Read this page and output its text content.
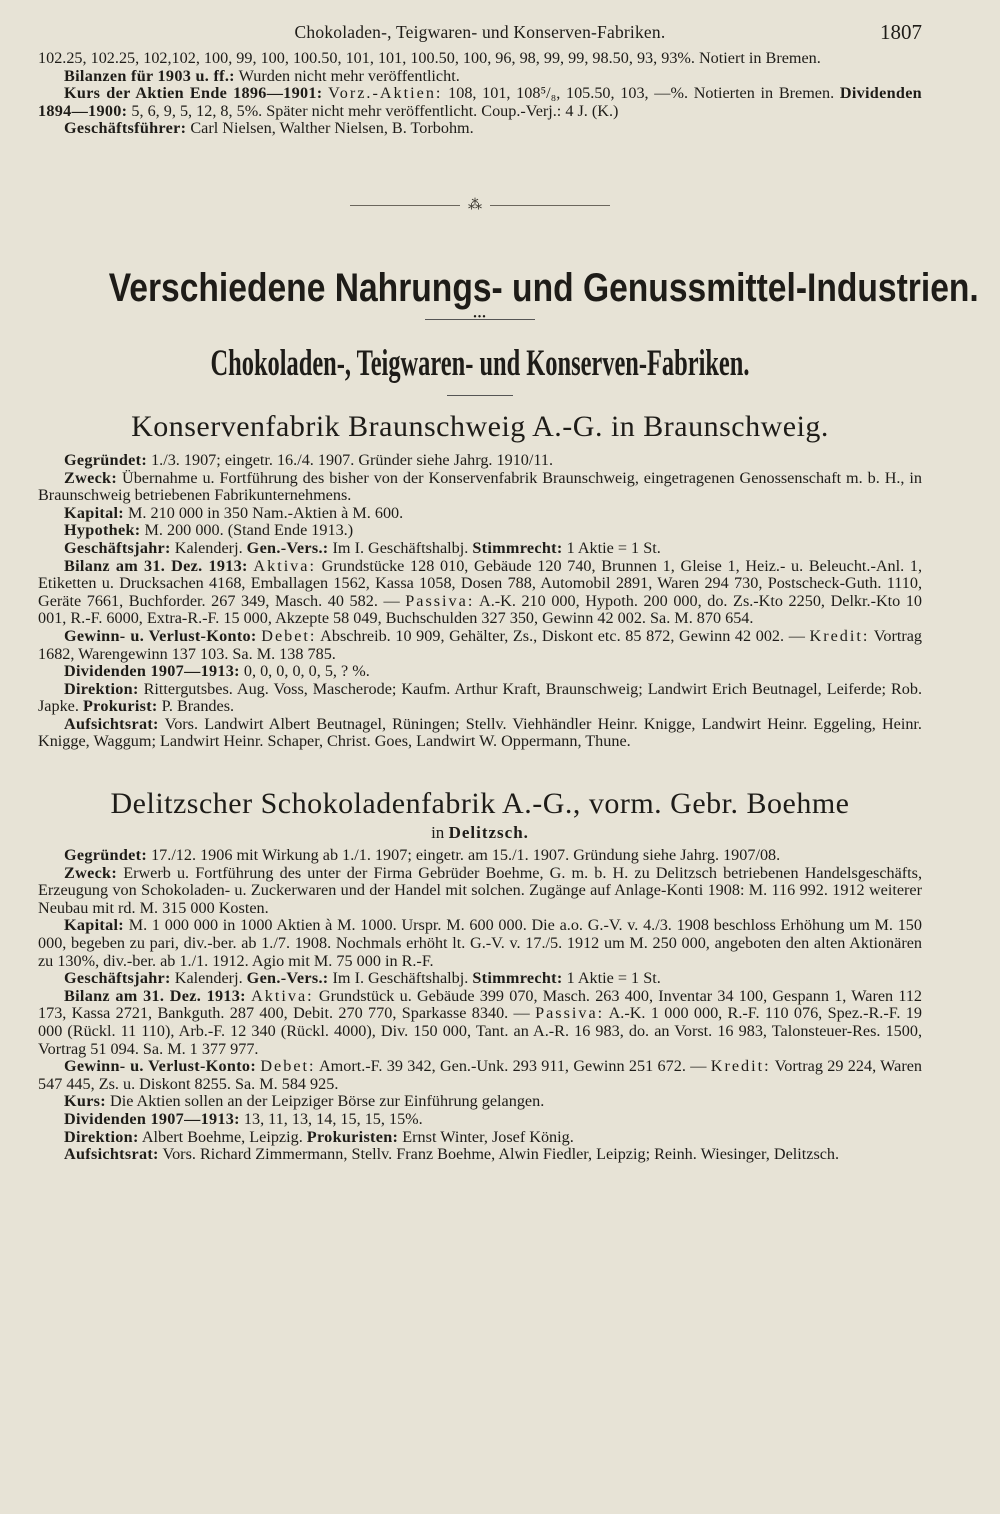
Chokoladen-, Teigwaren- und Konserven-Fabriken.	1807

102.25, 102.25, 102,102, 100, 99, 100, 100.50, 101, 101, 100.50, 100, 96, 98, 99, 99, 98.50, 93, 93%. Notiert in Bremen.

Bilanzen für 1903 u. ff.: Wurden nicht mehr veröffentlicht.

Kurs der Aktien Ende 1896—1901: Vorz.-Aktien: 108, 101, 108⁵/₈, 105.50, 103, —%. Notierten in Bremen. Dividenden 1894—1900: 5, 6, 9, 5, 12, 8, 5%. Später nicht mehr veröffentlicht. Coup.-Verj.: 4 J. (K.)

Geschäftsführer: Carl Nielsen, Walther Nielsen, B. Torbohm.

⁂
Verschiedene Nahrungs- und Genussmittel-Industrien.
•••
Chokoladen-, Teigwaren- und Konserven-Fabriken.
Konservenfabrik Braunschweig A.-G. in Braunschweig.

Gegründet: 1./3. 1907; eingetr. 16./4. 1907. Gründer siehe Jahrg. 1910/11.

Zweck: Übernahme u. Fortführung des bisher von der Konservenfabrik Braunschweig, eingetragenen Genossenschaft m. b. H., in Braunschweig betriebenen Fabrikunternehmens.

Kapital: M. 210 000 in 350 Nam.-Aktien à M. 600.

Hypothek: M. 200 000. (Stand Ende 1913.)

Geschäftsjahr: Kalenderj. Gen.-Vers.: Im I. Geschäftshalbj. Stimmrecht: 1 Aktie = 1 St.

Bilanz am 31. Dez. 1913: Aktiva: Grundstücke 128 010, Gebäude 120 740, Brunnen 1, Gleise 1, Heiz.- u. Beleucht.-Anl. 1, Etiketten u. Drucksachen 4168, Emballagen 1562, Kassa 1058, Dosen 788, Automobil 2891, Waren 294 730, Postscheck-Guth. 1110, Geräte 7661, Buchforder. 267 349, Masch. 40 582. — Passiva: A.-K. 210 000, Hypoth. 200 000, do. Zs.-Kto 2250, Delkr.-Kto 10 001, R.-F. 6000, Extra-R.-F. 15 000, Akzepte 58 049, Buchschulden 327 350, Gewinn 42 002. Sa. M. 870 654.

Gewinn- u. Verlust-Konto: Debet: Abschreib. 10 909, Gehälter, Zs., Diskont etc. 85 872, Gewinn 42 002. — Kredit: Vortrag 1682, Warengewinn 137 103. Sa. M. 138 785.

Dividenden 1907—1913: 0, 0, 0, 0, 0, 5, ? %.

Direktion: Rittergutsbes. Aug. Voss, Mascherode; Kaufm. Arthur Kraft, Braunschweig; Landwirt Erich Beutnagel, Leiferde; Rob. Japke. Prokurist: P. Brandes.

Aufsichtsrat: Vors. Landwirt Albert Beutnagel, Rüningen; Stellv. Viehhändler Heinr. Knigge, Landwirt Heinr. Eggeling, Heinr. Knigge, Waggum; Landwirt Heinr. Schaper, Christ. Goes, Landwirt W. Oppermann, Thune.

Delitzscher Schokoladenfabrik A.-G., vorm. Gebr. Boehme
in Delitzsch.

Gegründet: 17./12. 1906 mit Wirkung ab 1./1. 1907; eingetr. am 15./1. 1907. Gründung siehe Jahrg. 1907/08.

Zweck: Erwerb u. Fortführung des unter der Firma Gebrüder Boehme, G. m. b. H. zu Delitzsch betriebenen Handelsgeschäfts, Erzeugung von Schokoladen- u. Zuckerwaren und der Handel mit solchen. Zugänge auf Anlage-Konti 1908: M. 116 992. 1912 weiterer Neubau mit rd. M. 315 000 Kosten.

Kapital: M. 1 000 000 in 1000 Aktien à M. 1000. Urspr. M. 600 000. Die a.o. G.-V. v. 4./3. 1908 beschloss Erhöhung um M. 150 000, begeben zu pari, div.-ber. ab 1./7. 1908. Nochmals erhöht lt. G.-V. v. 17./5. 1912 um M. 250 000, angeboten den alten Aktionären zu 130%, div.-ber. ab 1./1. 1912. Agio mit M. 75 000 in R.-F.

Geschäftsjahr: Kalenderj. Gen.-Vers.: Im I. Geschäftshalbj. Stimmrecht: 1 Aktie = 1 St.

Bilanz am 31. Dez. 1913: Aktiva: Grundstück u. Gebäude 399 070, Masch. 263 400, Inventar 34 100, Gespann 1, Waren 112 173, Kassa 2721, Bankguth. 287 400, Debit. 270 770, Sparkasse 8340. — Passiva: A.-K. 1 000 000, R.-F. 110 076, Spez.-R.-F. 19 000 (Rückl. 11 110), Arb.-F. 12 340 (Rückl. 4000), Div. 150 000, Tant. an A.-R. 16 983, do. an Vorst. 16 983, Talonsteuer-Res. 1500, Vortrag 51 094. Sa. M. 1 377 977.

Gewinn- u. Verlust-Konto: Debet: Amort.-F. 39 342, Gen.-Unk. 293 911, Gewinn 251 672. — Kredit: Vortrag 29 224, Waren 547 445, Zs. u. Diskont 8255. Sa. M. 584 925.

Kurs: Die Aktien sollen an der Leipziger Börse zur Einführung gelangen.

Dividenden 1907—1913: 13, 11, 13, 14, 15, 15, 15%.

Direktion: Albert Boehme, Leipzig. Prokuristen: Ernst Winter, Josef König.

Aufsichtsrat: Vors. Richard Zimmermann, Stellv. Franz Boehme, Alwin Fiedler, Leipzig; Reinh. Wiesinger, Delitzsch.
